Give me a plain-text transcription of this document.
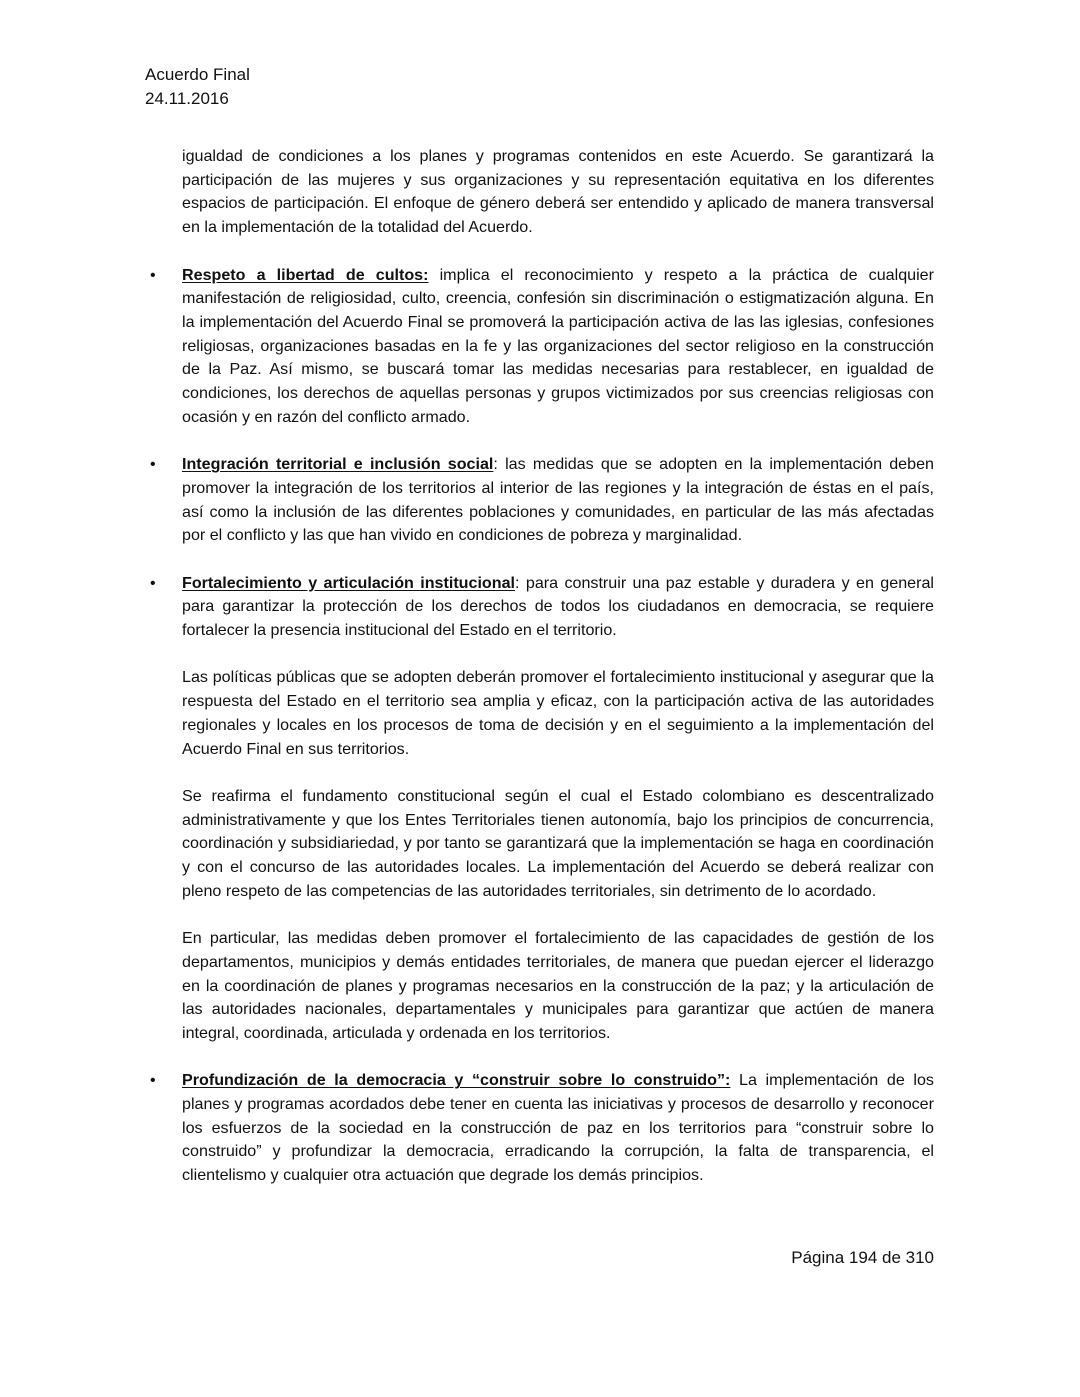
Acuerdo Final
24.11.2016

igualdad de condiciones a los planes y programas contenidos en este Acuerdo. Se garantizará la participación de las mujeres y sus organizaciones y su representación equitativa en los diferentes espacios de participación. El enfoque de género deberá ser entendido y aplicado de manera transversal en la implementación de la totalidad del Acuerdo.

• Respeto a libertad de cultos: implica el reconocimiento y respeto a la práctica de cualquier manifestación de religiosidad, culto, creencia, confesión sin discriminación o estigmatización alguna. En la implementación del Acuerdo Final se promoverá la participación activa de las las iglesias, confesiones religiosas, organizaciones basadas en la fe y las organizaciones del sector religioso en la construcción de la Paz. Así mismo, se buscará tomar las medidas necesarias para restablecer, en igualdad de condiciones, los derechos de aquellas personas y grupos victimizados por sus creencias religiosas con ocasión y en razón del conflicto armado.

• Integración territorial e inclusión social: las medidas que se adopten en la implementación deben promover la integración de los territorios al interior de las regiones y la integración de éstas en el país, así como la inclusión de las diferentes poblaciones y comunidades, en particular de las más afectadas por el conflicto y las que han vivido en condiciones de pobreza y marginalidad.

• Fortalecimiento y articulación institucional: para construir una paz estable y duradera y en general para garantizar la protección de los derechos de todos los ciudadanos en democracia, se requiere fortalecer la presencia institucional del Estado en el territorio.

Las políticas públicas que se adopten deberán promover el fortalecimiento institucional y asegurar que la respuesta del Estado en el territorio sea amplia y eficaz, con la participación activa de las autoridades regionales y locales en los procesos de toma de decisión y en el seguimiento a la implementación del Acuerdo Final en sus territorios.

Se reafirma el fundamento constitucional según el cual el Estado colombiano es descentralizado administrativamente y que los Entes Territoriales tienen autonomía, bajo los principios de concurrencia, coordinación y subsidiariedad, y por tanto se garantizará que la implementación se haga en coordinación y con el concurso de las autoridades locales. La implementación del Acuerdo se deberá realizar con pleno respeto de las competencias de las autoridades territoriales, sin detrimento de lo acordado.

En particular, las medidas deben promover el fortalecimiento de las capacidades de gestión de los departamentos, municipios y demás entidades territoriales, de manera que puedan ejercer el liderazgo en la coordinación de planes y programas necesarios en la construcción de la paz; y la articulación de las autoridades nacionales, departamentales y municipales para garantizar que actúen de manera integral, coordinada, articulada y ordenada en los territorios.

• Profundización de la democracia y “construir sobre lo construido”: La implementación de los planes y programas acordados debe tener en cuenta las iniciativas y procesos de desarrollo y reconocer los esfuerzos de la sociedad en la construcción de paz en los territorios para “construir sobre lo construido” y profundizar la democracia, erradicando la corrupción, la falta de transparencia, el clientelismo y cualquier otra actuación que degrade los demás principios.

Página 194 de 310
